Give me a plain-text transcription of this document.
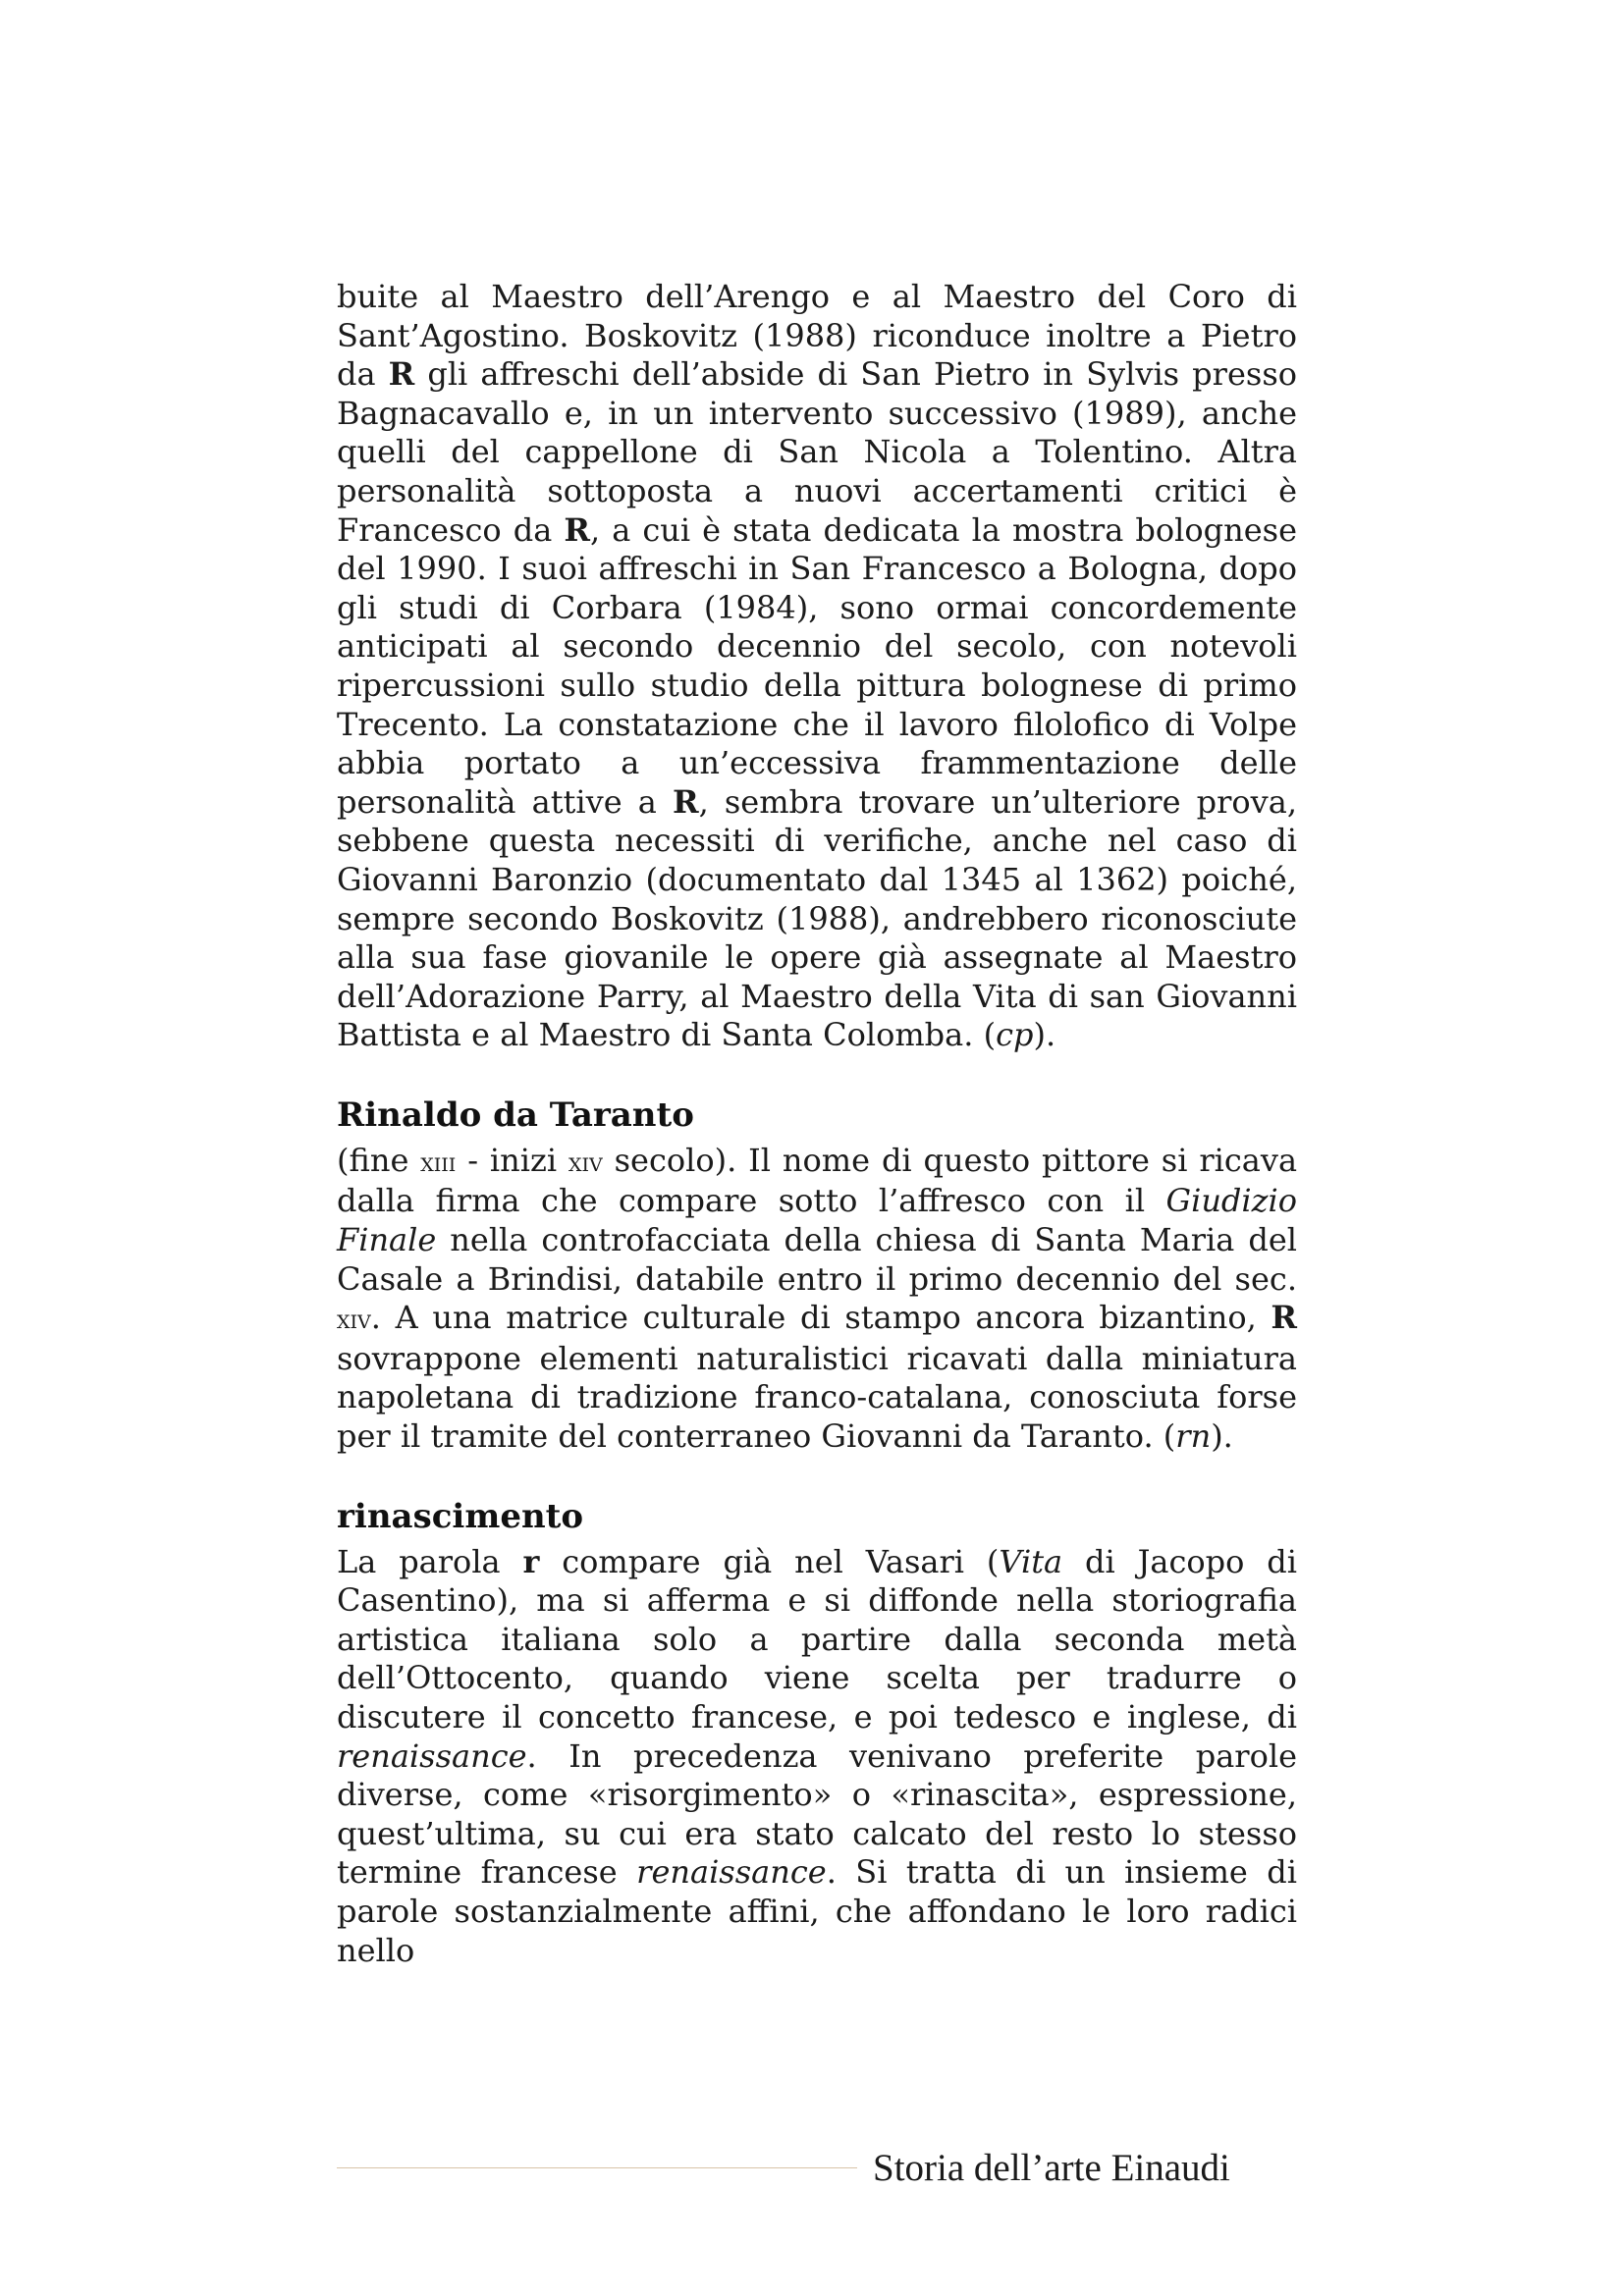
buite al Maestro dell’Arengo e al Maestro del Coro di Sant’Agostino. Boskovitz (1988) riconduce inoltre a Pietro da R gli affreschi dell’abside di San Pietro in Sylvis presso Bagnacavallo e, in un intervento successivo (1989), anche quelli del cappellone di San Nicola a Tolentino. Altra personalità sottoposta a nuovi accertamenti critici è Francesco da R, a cui è stata dedicata la mostra bolognese del 1990. I suoi affreschi in San Francesco a Bologna, dopo gli studi di Corbara (1984), sono ormai concordemente anticipati al secondo decennio del secolo, con notevoli ripercussioni sullo studio della pittura bolognese di primo Trecento. La constatazione che il lavoro filolofico di Volpe abbia portato a un’eccessiva frammentazione delle personalità attive a R, sembra trovare un’ulteriore prova, sebbene questa necessiti di verifiche, anche nel caso di Giovanni Baronzio (documentato dal 1345 al 1362) poiché, sempre secondo Boskovitz (1988), andrebbero riconosciute alla sua fase giovanile le opere già assegnate al Maestro dell’Adorazione Parry, al Maestro della Vita di san Giovanni Battista e al Maestro di Santa Colomba. (cp).

Rinaldo da Taranto

(fine xiii - inizi xiv secolo). Il nome di questo pittore si ricava dalla firma che compare sotto l’affresco con il Giudizio Finale nella controfacciata della chiesa di Santa Maria del Casale a Brindisi, databile entro il primo decennio del sec. xiv. A una matrice culturale di stampo ancora bizantino, R sovrappone elementi naturalistici ricavati dalla miniatura napoletana di tradizione franco-catalana, conosciuta forse per il tramite del conterraneo Giovanni da Taranto. (rn).

rinascimento

La parola r compare già nel Vasari (Vita di Jacopo di Casentino), ma si afferma e si diffonde nella storiografia artistica italiana solo a partire dalla seconda metà dell’Ottocento, quando viene scelta per tradurre o discutere il concetto francese, e poi tedesco e inglese, di renaissance. In precedenza venivano preferite parole diverse, come «risorgimento» o «rinascita», espressione, quest’ultima, su cui era stato calcato del resto lo stesso termine francese renaissance. Si tratta di un insieme di parole sostanzialmente affini, che affondano le loro radici nello

Storia dell’arte Einaudi
